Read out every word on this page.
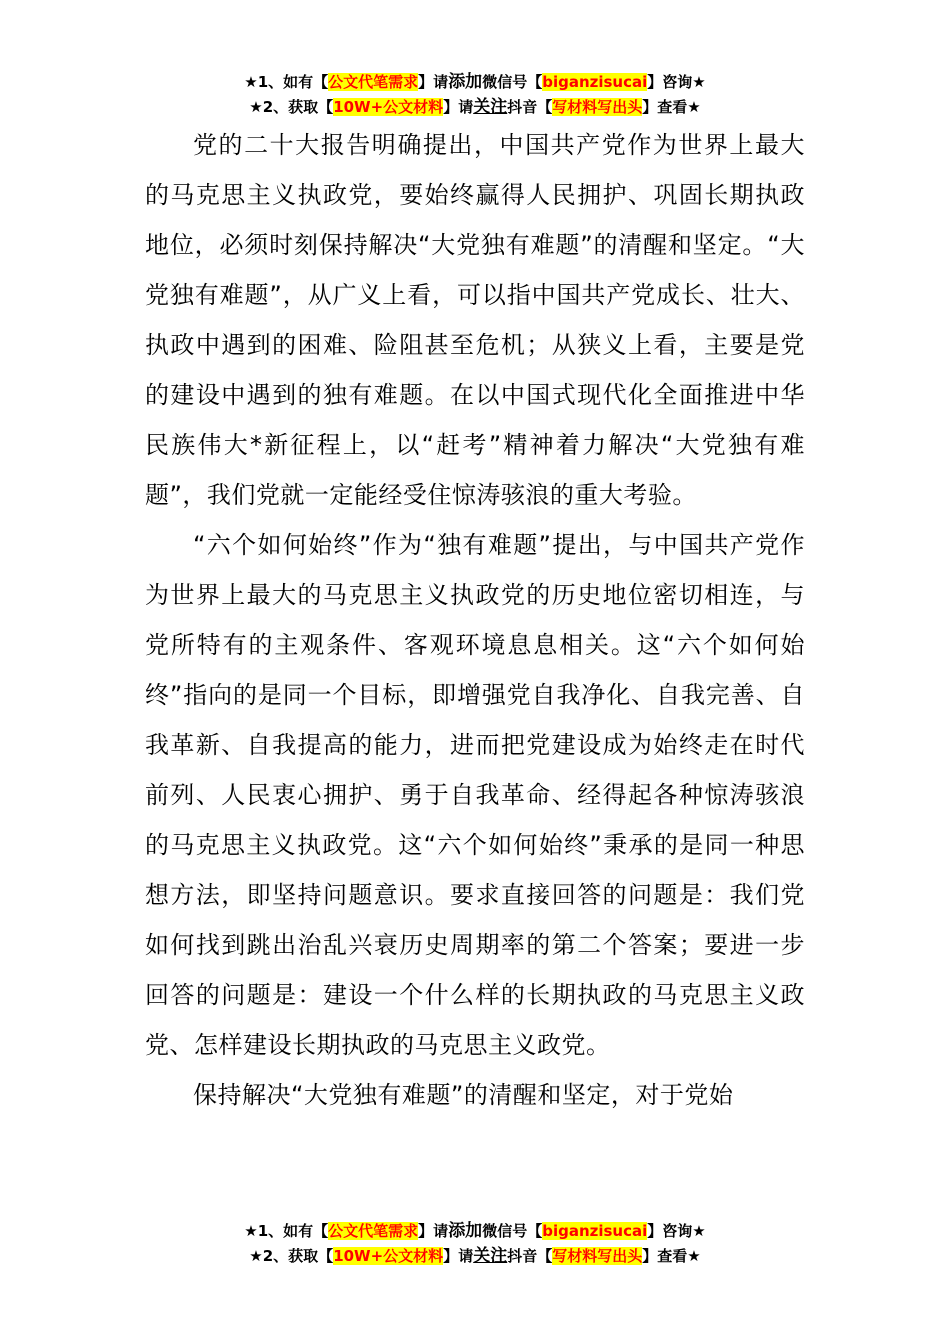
★1、如有【公文代笔需求】请添加微信号【biganzisucai】咨询★
★2、获取【10W+公文材料】请关注抖音【写材料写出头】查看★

党的二十大报告明确提出，中国共产党作为世界上最大的马克思主义执政党，要始终赢得人民拥护、巩固长期执政地位，必须时刻保持解决“大党独有难题”的清醒和坚定。“大党独有难题”，从广义上看，可以指中国共产党成长、壮大、执政中遇到的困难、险阻甚至危机；从狭义上看，主要是党的建设中遇到的独有难题。在以中国式现代化全面推进中华民族伟大*新征程上，以“赶考”精神着力解决“大党独有难题”，我们党就一定能经受住惊涛骇浪的重大考验。

“六个如何始终”作为“独有难题”提出，与中国共产党作为世界上最大的马克思主义执政党的历史地位密切相连，与党所特有的主观条件、客观环境息息相关。这“六个如何始终”指向的是同一个目标，即增强党自我净化、自我完善、自我革新、自我提高的能力，进而把党建设成为始终走在时代前列、人民衷心拥护、勇于自我革命、经得起各种惊涛骇浪的马克思主义执政党。这“六个如何始终”秉承的是同一种思想方法，即坚持问题意识。要求直接回答的问题是：我们党如何找到跳出治乱兴衰历史周期率的第二个答案；要进一步回答的问题是：建设一个什么样的长期执政的马克思主义政党、怎样建设长期执政的马克思主义政党。

保持解决“大党独有难题”的清醒和坚定，对于党始

★1、如有【公文代笔需求】请添加微信号【biganzisucai】咨询★
★2、获取【10W+公文材料】请关注抖音【写材料写出头】查看★
